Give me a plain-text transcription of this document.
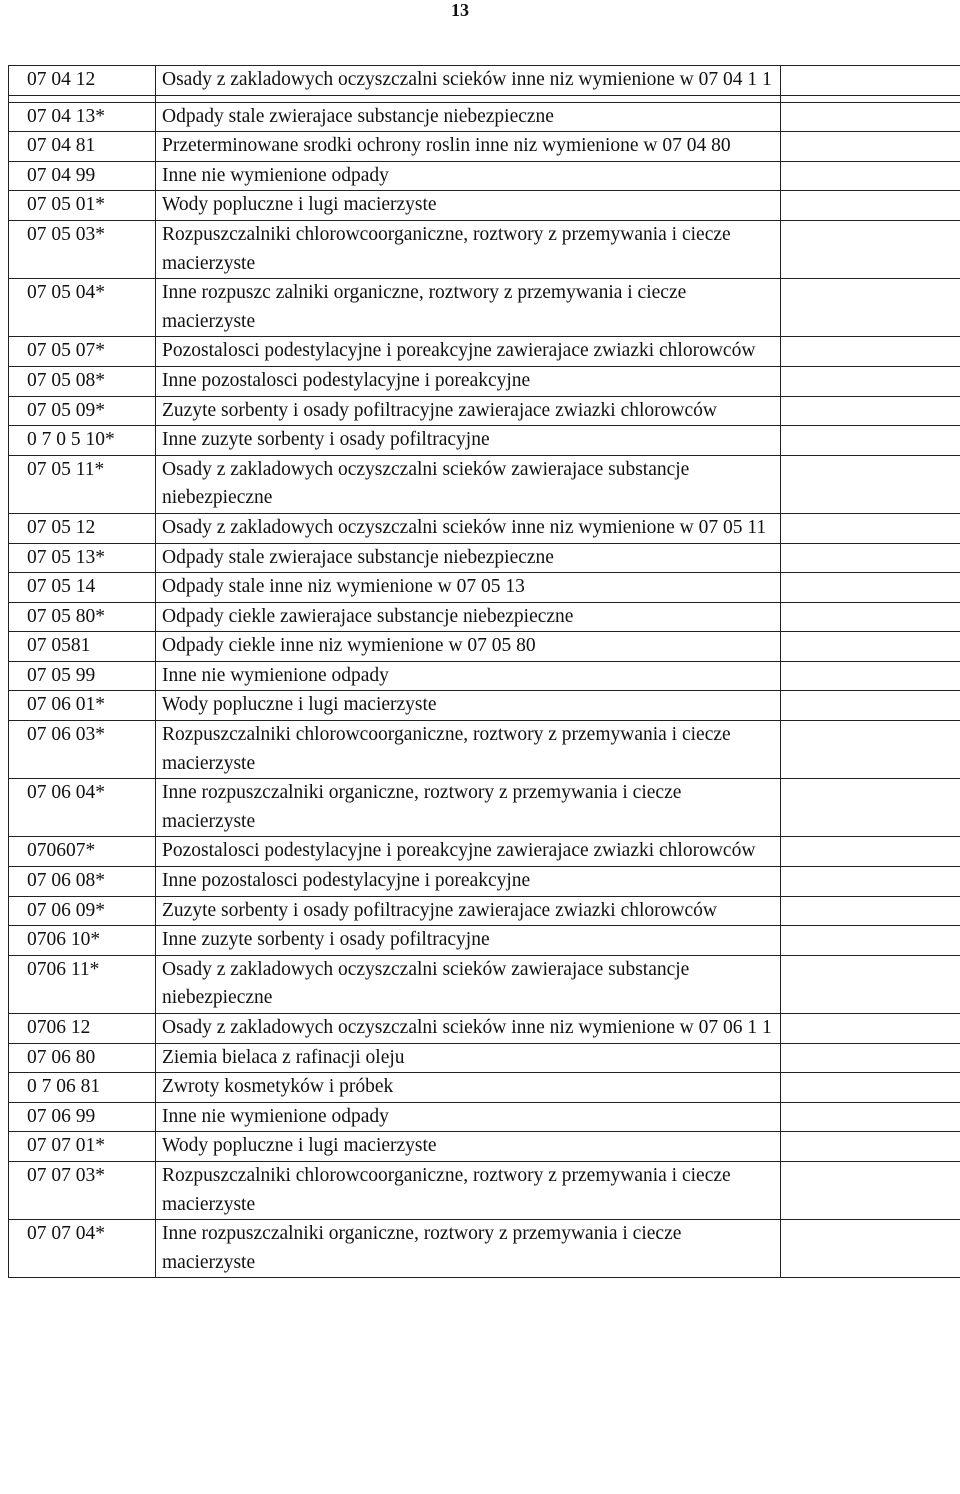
13
07 04 12	Osady z zakladowych oczyszczalni scieków inne niz wymienione w 07 04 1 1	

07 04 13*	Odpady stale zwierajace substancje niebezpieczne	
07 04 81	Przeterminowane srodki ochrony roslin inne niz wymienione w 07 04 80	
07 04 99	Inne nie wymienione odpady	
07 05 01*	Wody popluczne i lugi macierzyste	
07 05 03*	Rozpuszczalniki chlorowcoorganiczne, roztwory z przemywania i ciecze macierzyste	
07 05 04*	Inne rozpuszc zalniki organiczne, roztwory z przemywania i ciecze macierzyste	
07 05 07*	Pozostalosci podestylacyjne i poreakcyjne zawierajace zwiazki chlorowców	
07 05 08*	Inne pozostalosci podestylacyjne i poreakcyjne	
07 05 09*	Zuzyte sorbenty i osady pofiltracyjne zawierajace zwiazki chlorowców	
0 7 0 5 10*	Inne zuzyte sorbenty i osady pofiltracyjne	
07 05 11*	Osady z zakladowych oczyszczalni scieków zawierajace substancje niebezpieczne	
07 05 12	Osady z zakladowych oczyszczalni scieków inne niz wymienione w 07 05 11	
07 05 13*	Odpady stale zwierajace substancje niebezpieczne	
07 05 14	Odpady stale inne niz wymienione w 07 05 13	
07 05 80*	Odpady ciekle zawierajace substancje niebezpieczne	
07 0581	Odpady ciekle inne niz wymienione w 07 05 80	
07 05 99	Inne nie wymienione odpady	
07 06 01*	Wody popluczne i lugi macierzyste	
07 06 03*	Rozpuszczalniki chlorowcoorganiczne, roztwory z przemywania i ciecze macierzyste	
07 06 04*	Inne rozpuszczalniki organiczne, roztwory z przemywania i ciecze macierzyste	
070607*	Pozostalosci podestylacyjne i poreakcyjne zawierajace zwiazki chlorowców	
07 06 08*	Inne pozostalosci podestylacyjne i poreakcyjne	
07 06 09*	Zuzyte sorbenty i osady pofiltracyjne zawierajace zwiazki chlorowców	
0706 10*	Inne zuzyte sorbenty i osady pofiltracyjne	
0706 11*	Osady z zakladowych oczyszczalni scieków zawierajace substancje niebezpieczne	
0706 12	Osady z zakladowych oczyszczalni scieków inne niz wymienione w 07 06 1 1	
07 06 80	Ziemia bielaca z rafinacji oleju	
0 7 06 81	Zwroty kosmetyków i próbek	
07 06 99	Inne nie wymienione odpady	
07 07 01*	Wody popluczne i lugi macierzyste	
07 07 03*	Rozpuszczalniki chlorowcoorganiczne, roztwory z przemywania i ciecze macierzyste	
07 07 04*	Inne rozpuszczalniki organiczne, roztwory z przemywania i ciecze macierzyste	
